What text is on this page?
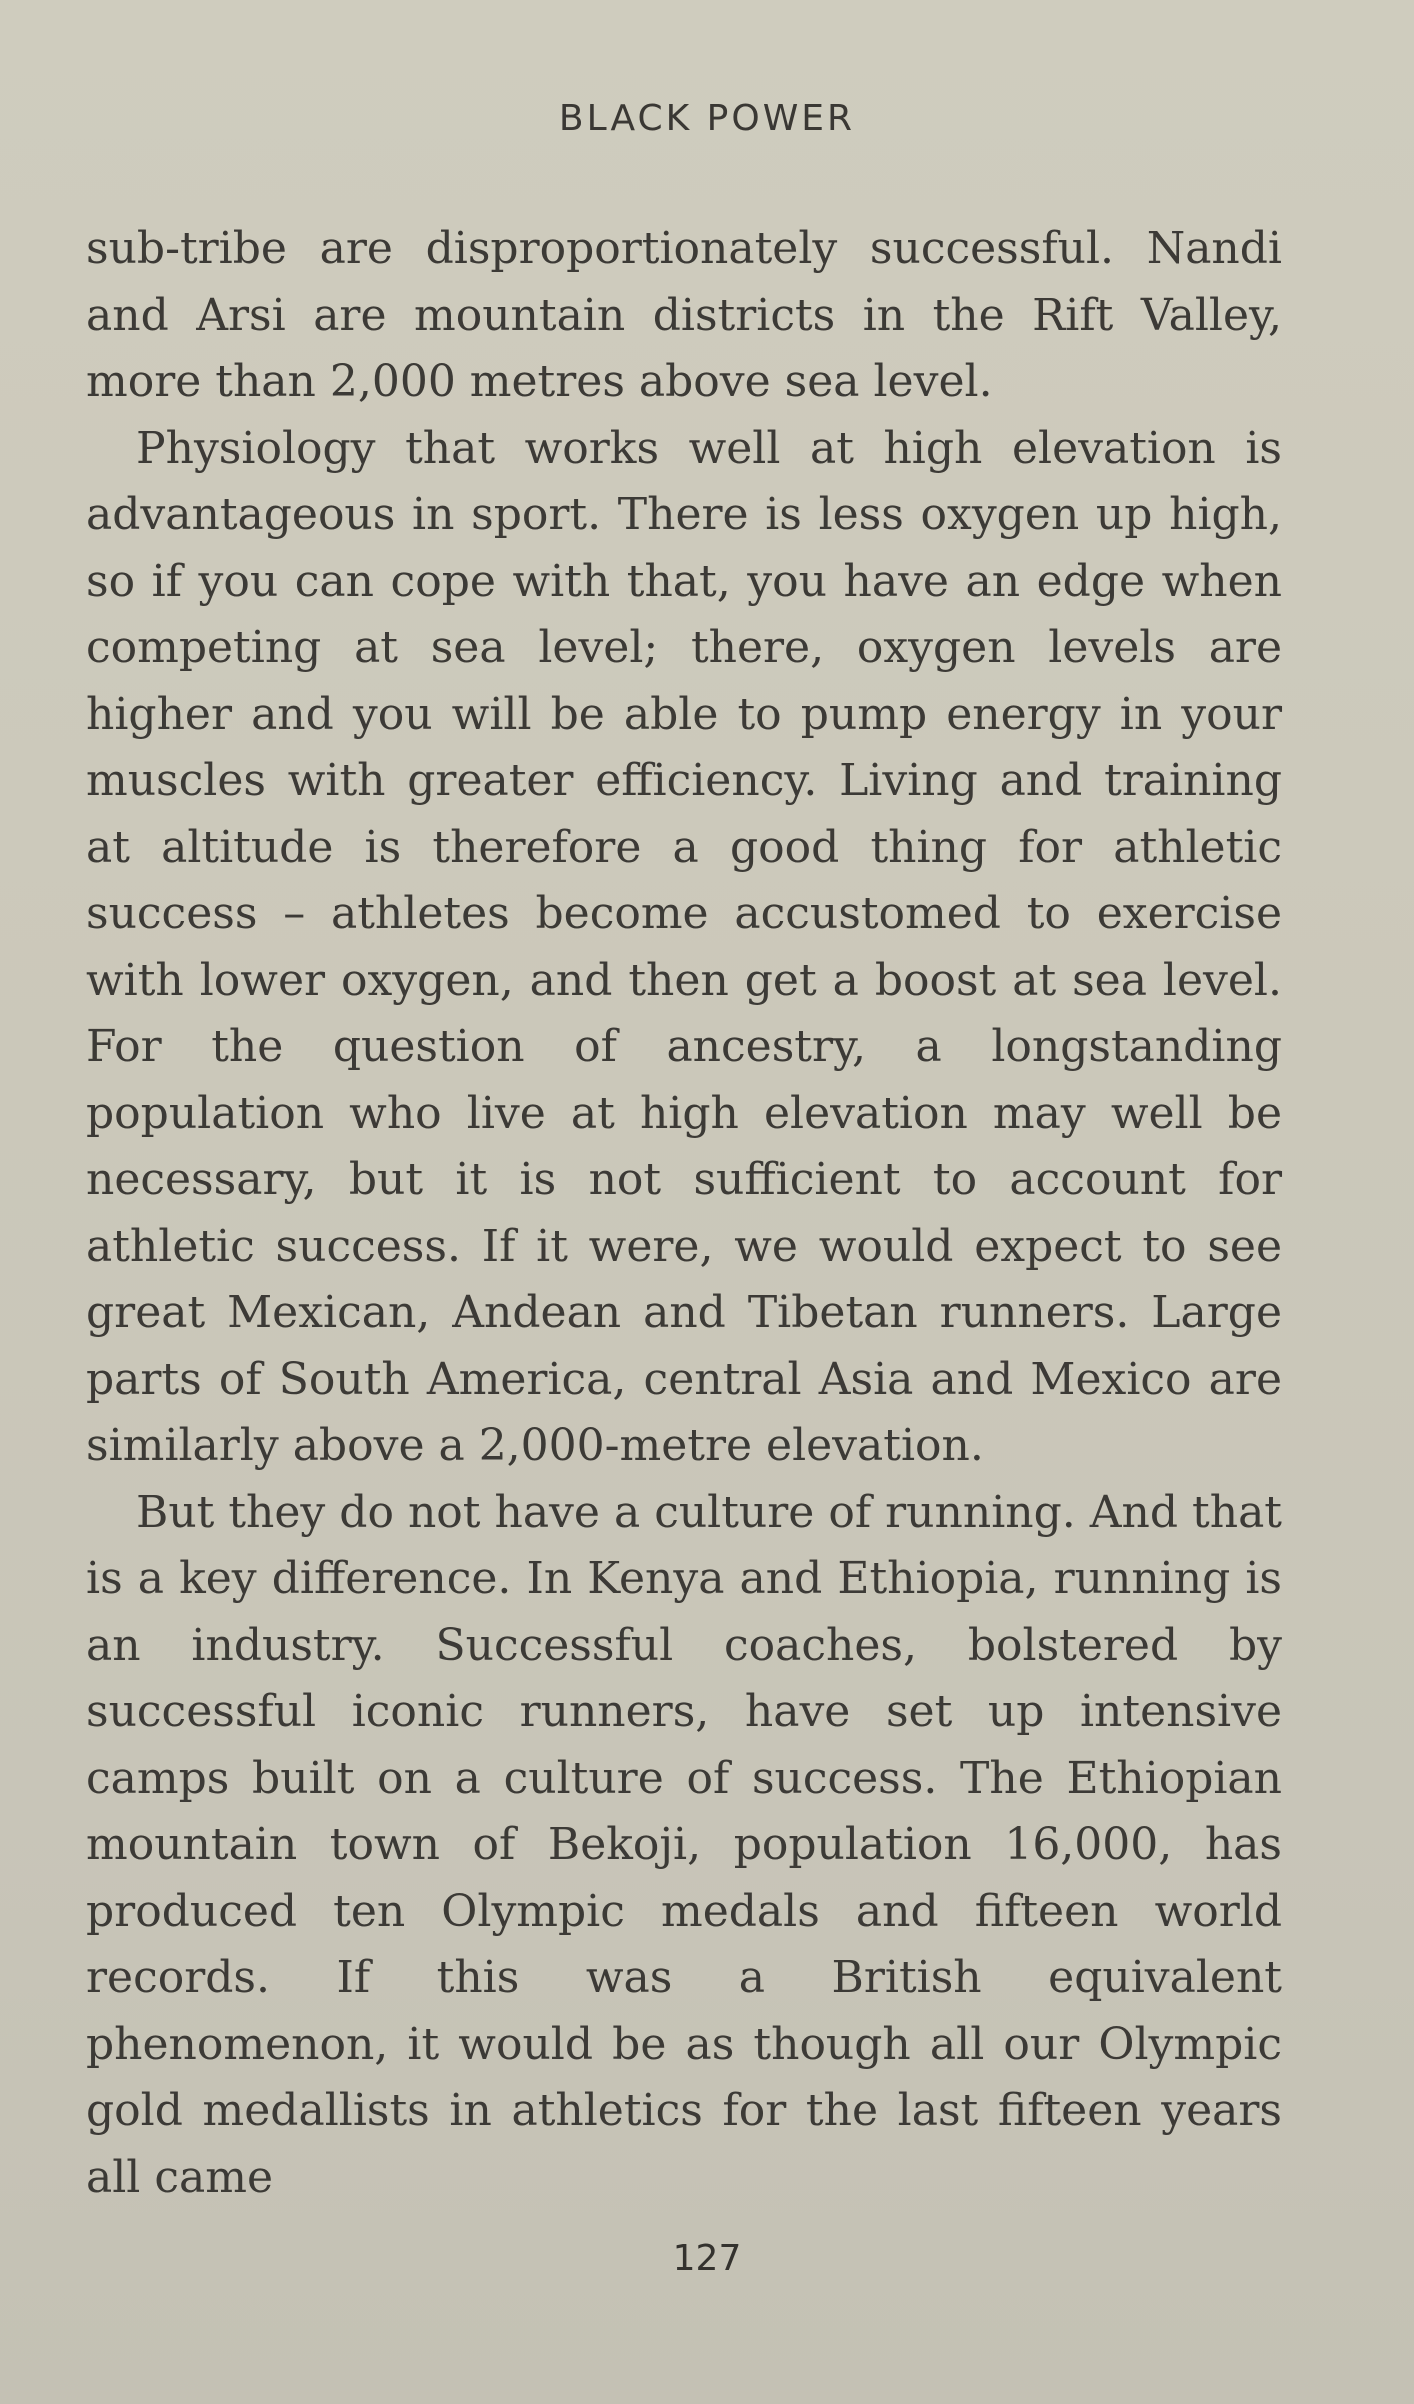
BLACK POWER

sub-tribe are disproportionately successful. Nandi and Arsi are mountain districts in the Rift Valley, more than 2,000 metres above sea level.

Physiology that works well at high elevation is advantageous in sport. There is less oxygen up high, so if you can cope with that, you have an edge when competing at sea level; there, oxygen levels are higher and you will be able to pump energy in your muscles with greater efficiency. Living and training at altitude is therefore a good thing for athletic success – athletes become accustomed to exercise with lower oxygen, and then get a boost at sea level. For the question of ancestry, a longstanding population who live at high elevation may well be necessary, but it is not sufficient to account for athletic success. If it were, we would expect to see great Mexican, Andean and Tibetan runners. Large parts of South America, central Asia and Mexico are similarly above a 2,000-metre elevation.

But they do not have a culture of running. And that is a key difference. In Kenya and Ethiopia, running is an industry. Successful coaches, bolstered by successful iconic runners, have set up intensive camps built on a culture of success. The Ethiopian mountain town of Bekoji, population 16,000, has produced ten Olympic medals and fifteen world records. If this was a British equivalent phenomenon, it would be as though all our Olympic gold medallists in athletics for the last fifteen years all came

127
